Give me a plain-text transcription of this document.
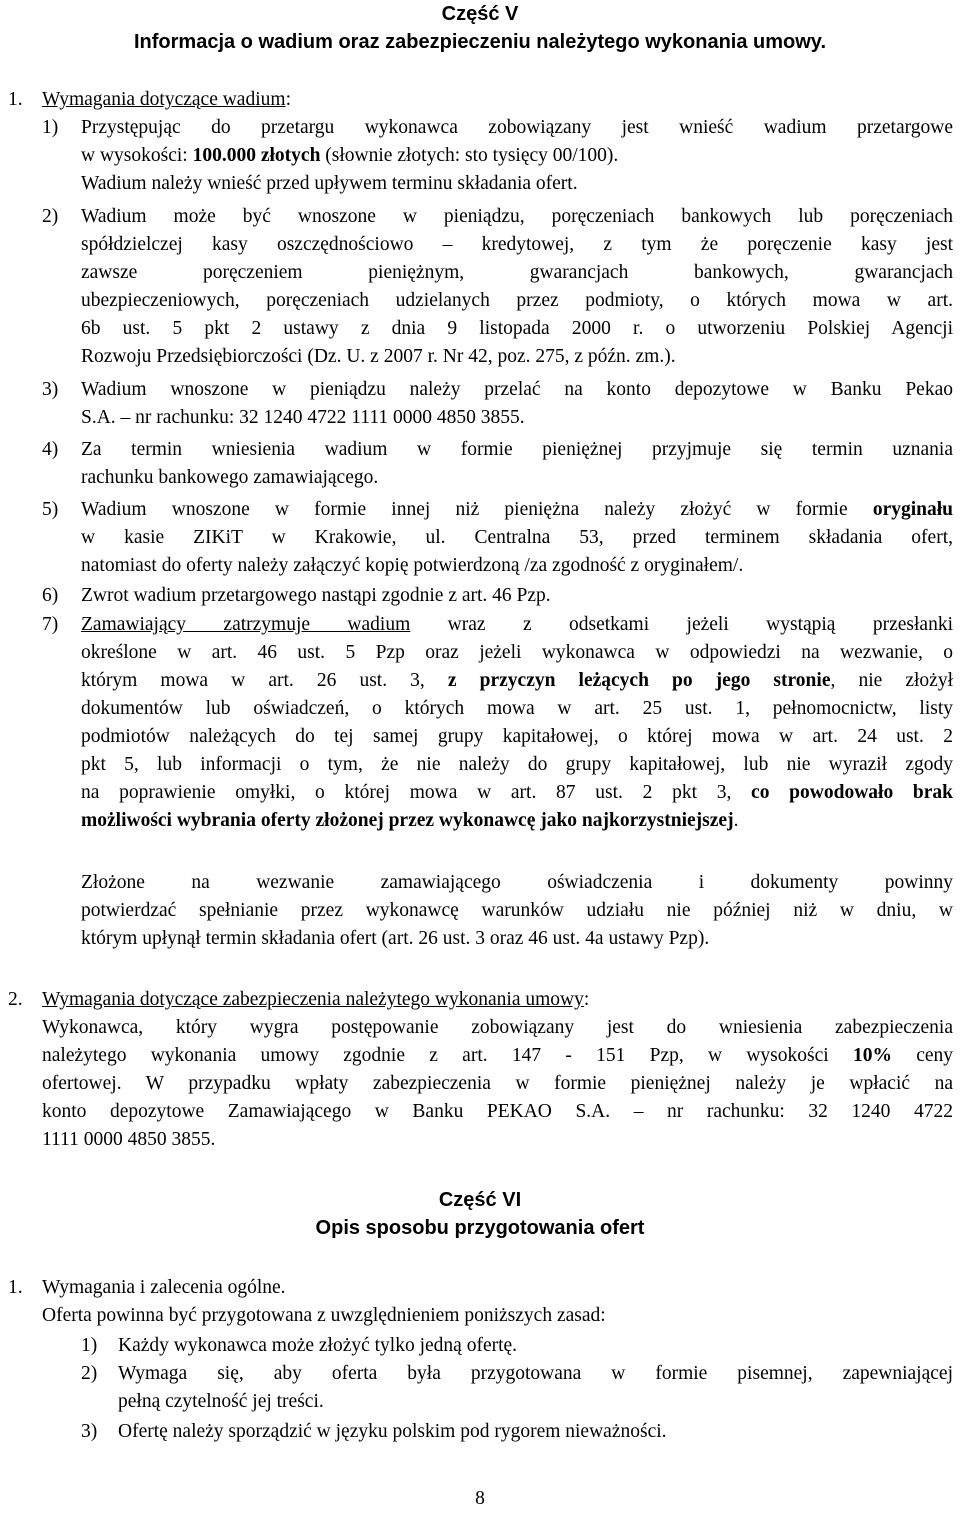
Część V
Informacja o wadium oraz zabezpieczeniu należytego wykonania umowy.
1. Wymagania dotyczące wadium:
1) Przystępując do przetargu wykonawca zobowiązany jest wnieść wadium przetargowe
w wysokości: 100.000 złotych (słownie złotych: sto tysięcy 00/100).
Wadium należy wnieść przed upływem terminu składania ofert.
2) Wadium może być wnoszone w pieniądzu, poręczeniach bankowych lub poręczeniach
spółdzielczej kasy oszczędnościowo – kredytowej, z tym że poręczenie kasy jest
zawsze poręczeniem pieniężnym, gwarancjach bankowych, gwarancjach
ubezpieczeniowych, poręczeniach udzielanych przez podmioty, o których mowa w art.
6b ust. 5 pkt 2 ustawy z dnia 9 listopada 2000 r. o utworzeniu Polskiej Agencji
Rozwoju Przedsiębiorczości (Dz. U. z 2007 r. Nr 42, poz. 275, z późn. zm.).
3) Wadium wnoszone w pieniądzu należy przelać na konto depozytowe w Banku Pekao
S.A. – nr rachunku: 32 1240 4722 1111 0000 4850 3855.
4) Za termin wniesienia wadium w formie pieniężnej przyjmuje się termin uznania
rachunku bankowego zamawiającego.
5) Wadium wnoszone w formie innej niż pieniężna należy złożyć w formie oryginału
w kasie ZIKiT w Krakowie, ul. Centralna 53, przed terminem składania ofert,
natomiast do oferty należy załączyć kopię potwierdzoną /za zgodność z oryginałem/.
6) Zwrot wadium przetargowego nastąpi zgodnie z art. 46 Pzp.
7) Zamawiający zatrzymuje wadium wraz z odsetkami jeżeli wystąpią przesłanki
określone w art. 46 ust. 5 Pzp oraz jeżeli wykonawca w odpowiedzi na wezwanie, o
którym mowa w art. 26 ust. 3, z przyczyn leżących po jego stronie, nie złożył
dokumentów lub oświadczeń, o których mowa w art. 25 ust. 1, pełnomocnictw, listy
podmiotów należących do tej samej grupy kapitałowej, o której mowa w art. 24 ust. 2
pkt 5, lub informacji o tym, że nie należy do grupy kapitałowej, lub nie wyraził zgody
na poprawienie omyłki, o której mowa w art. 87 ust. 2 pkt 3, co powodowało brak
możliwości wybrania oferty złożonej przez wykonawcę jako najkorzystniejszej.
Złożone na wezwanie zamawiającego oświadczenia i dokumenty powinny
potwierdzać spełnianie przez wykonawcę warunków udziału nie później niż w dniu, w
którym upłynął termin składania ofert (art. 26 ust. 3 oraz 46 ust. 4a ustawy Pzp).
2. Wymagania dotyczące zabezpieczenia należytego wykonania umowy:
Wykonawca, który wygra postępowanie zobowiązany jest do wniesienia zabezpieczenia
należytego wykonania umowy zgodnie z art. 147 - 151 Pzp, w wysokości 10% ceny
ofertowej. W przypadku wpłaty zabezpieczenia w formie pieniężnej należy je wpłacić na
konto depozytowe Zamawiającego w Banku PEKAO S.A. – nr rachunku: 32 1240 4722
1111 0000 4850 3855.
Część VI
Opis sposobu przygotowania ofert
1. Wymagania i zalecenia ogólne.
Oferta powinna być przygotowana z uwzględnieniem poniższych zasad:
1) Każdy wykonawca może złożyć tylko jedną ofertę.
2) Wymaga się, aby oferta była przygotowana w formie pisemnej, zapewniającej
pełną czytelność jej treści.
3) Ofertę należy sporządzić w języku polskim pod rygorem nieważności.
8
